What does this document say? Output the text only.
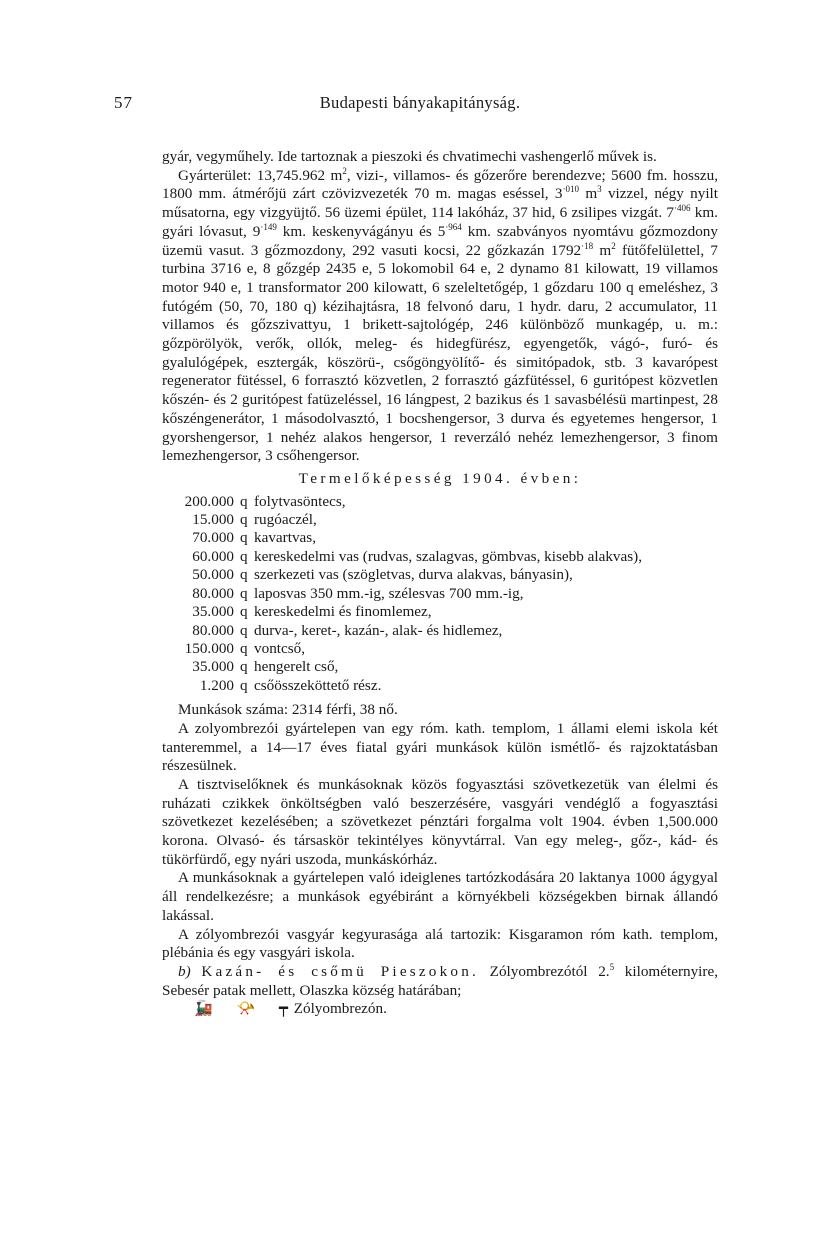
57	Budapesti bányakapitányság.

gyár, vegyműhely. Ide tartoznak a pieszoki és chvatimechi vashengerlő művek is.

Gyárterület: 13,745.962 $m^2$, vizi-, villamos- és gőzerőre berendezve; 5600 fm. hosszu, 1800 mm. átmérőjü zárt czövizvezeték 70 m. magas eséssel, $3^{\cdot 010}$ $m^3$ vizzel, négy nyilt műsatorna, egy vizgyüjtő. 56 üzemi épület, 114 lakóház, 37 hid, 6 zsilipes vizgát. $7^{\cdot 406}$ km. gyári lóvasut, $9^{\cdot 149}$ km. keskenyvágányu és $5^{\cdot 964}$ km. szabványos nyomtávu gőzmozdony üzemü vasut. 3 gőzmozdony, 292 vasuti kocsi, 22 gőzkazán $1792^{\cdot 18}$ $m^2$ fütőfelülettel, 7 turbina 3716 e, 8 gőzgép 2435 e, 5 lokomobil 64 e, 2 dynamo 81 kilowatt, 19 villamos motor 940 e, 1 transformator 200 kilowatt, 6 szeleltetőgép, 1 gőzdaru 100 q emeléshez, 3 futógém (50, 70, 180 q) kézihajtásra, 18 felvonó daru, 1 hydr. daru, 2 accumulator, 11 villamos és gőzszivattyu, 1 brikett-sajtológép, 246 különböző munkagép, u. m.: gőzpörölyök, verők, ollók, meleg- és hidegfürész, egyengetők, vágó-, furó- és gyalulógépek, esztergák, köszörü-, csőgöngyölítő- és simitópadok, stb. 3 kavarópest regenerator fütéssel, 6 forrasztó közvetlen, 2 forrasztó gázfütéssel, 6 guritópest közvetlen kőszén- és 2 guritópest fatüzeléssel, 16 lángpest, 2 bazikus és 1 savasbélésü martinpest, 28 kőszéngenerátor, 1 másodolvasztó, 1 bocshengersor, 3 durva és egyetemes hengersor, 1 gyorshengersor, 1 nehéz alakos hengersor, 1 reverzáló nehéz lemezhengersor, 3 finom lemezhengersor, 3 csőhengersor.

Termelőképesség 1904. évben:

200.000	q	folytvasöntecs,
15.000	q	rugóaczél,
70.000	q	kavartvas,
60.000	q	kereskedelmi vas (rudvas, szalagvas, gömbvas, kisebb alakvas),
50.000	q	szerkezeti vas (szögletvas, durva alakvas, bányasin),
80.000	q	laposvas 350 mm.-ig, szélesvas 700 mm.-ig,
35.000	q	kereskedelmi és finomlemez,
80.000	q	durva-, keret-, kazán-, alak- és hidlemez,
150.000	q	vontcső,
35.000	q	hengerelt cső,
1.200	q	csőösszeköttető rész.

Munkások száma: 2314 férfi, 38 nő.

A zolyombrezói gyártelepen van egy róm. kath. templom, 1 állami elemi iskola két tanteremmel, a 14—17 éves fiatal gyári munkások külön ismétlő- és rajzoktatásban részesülnek.

A tisztviselőknek és munkásoknak közös fogyasztási szövetkezetük van élelmi és ruházati czikkek önköltségben való beszerzésére, vasgyári vendéglő a fogyasztási szövetkezet kezelésében; a szövetkezet pénztári forgalma volt 1904. évben 1,500.000 korona. Olvasó- és társaskör tekintélyes könyvtárral. Van egy meleg-, gőz-, kád- és tükörfürdő, egy nyári uszoda, munkáskórház.

A munkásoknak a gyártelepen való ideiglenes tartózkodására 20 laktanya 1000 ágygyal áll rendelkezésre; a munkások egyébiránt a környékbeli községekben birnak állandó lakással.

A zólyombrezói vasgyár kegyurasága alá tartozik: Kisgaramon róm kath. templom, plébánia és egy vasgyári iskola.

b) Kazán- és csőmü Pieszokon. Zólyombrezótól 2.$^5$ kilométernyire, Sebesér patak mellett, Olaszka község határában;
🚂 📯 ┯ Zólyombrezón.
